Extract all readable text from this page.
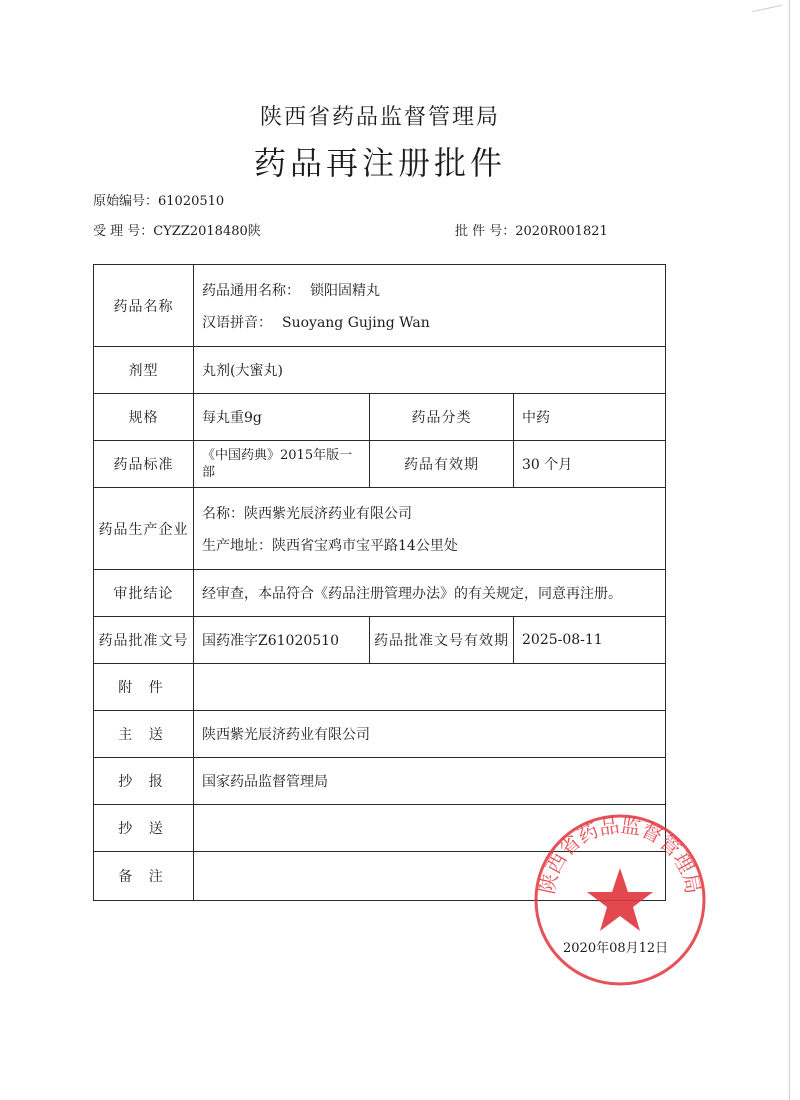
陕西省药品监督管理局
药品再注册批件
原始编号：61020510
受 理 号：CYZZ2018480陕	批 件 号：2020R001821
药品名称	药品通用名称： 锁阳固精丸
汉语拼音： Suoyang Gujing Wan		

剂型	丸剂(大蜜丸)		
规格	每丸重9g	药品分类	中药
药品标准	《中国药典》2015年版一部	药品有效期	30 个月
药品生产企业	名称：陕西紫光辰济药业有限公司
生产地址：陕西省宝鸡市宝平路14公里处		

审批结论	经审查，本品符合《药品注册管理办法》的有关规定，同意再注册。		
药品批准文号	国药准字Z61020510	药品批准文号有效期	2025-08-11
附 件			
主 送	陕西紫光辰济药业有限公司		
抄 报	国家药品监督管理局		
抄 送			
备 注				陕西省药品监督管理局
2020年08月12日
